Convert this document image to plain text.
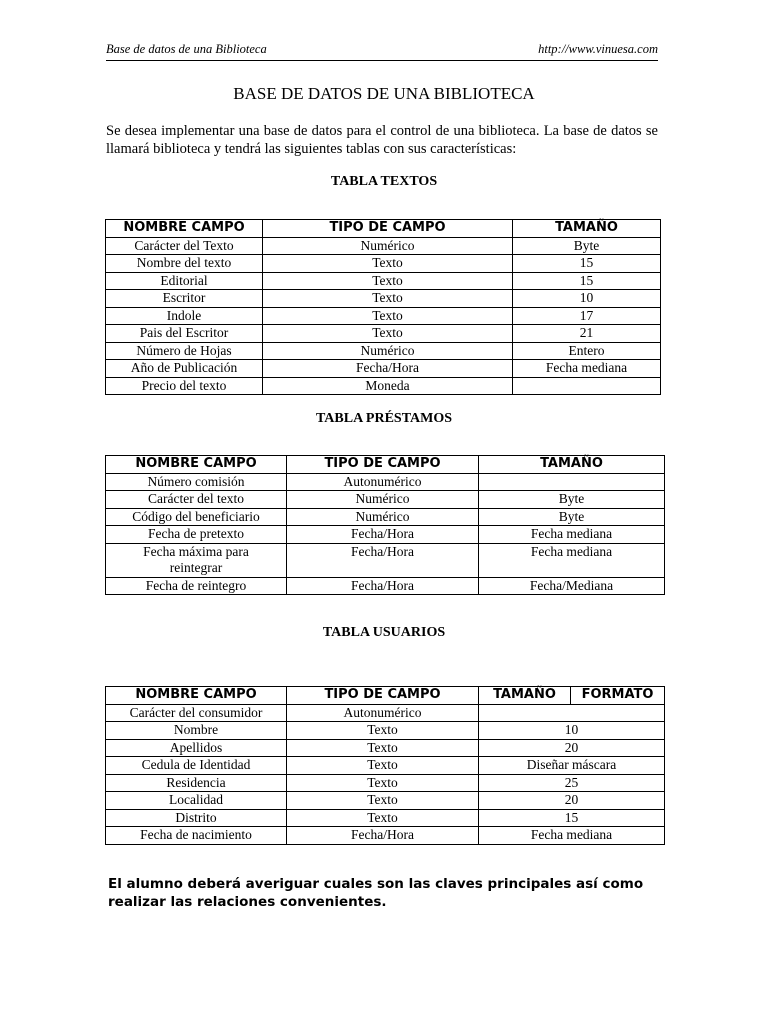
Base de datos de una Biblioteca	http://www.vinuesa.com
BASE DE DATOS DE UNA BIBLIOTECA
Se desea implementar una base de datos para el control de una biblioteca. La base de datos se llamará biblioteca y tendrá las siguientes tablas con sus características:
TABLA TEXTOS
NOMBRE CAMPO	TIPO DE CAMPO	TAMAÑO
Carácter del Texto	Numérico	Byte
Nombre del texto	Texto	15
Editorial	Texto	15
Escritor	Texto	10
Indole	Texto	17
Pais del Escritor	Texto	21
Número de Hojas	Numérico	Entero
Año de Publicación	Fecha/Hora	Fecha mediana
Precio del texto	Moneda	
TABLA PRÉSTAMOS
NOMBRE CAMPO	TIPO DE CAMPO	TAMAÑO
Número comisión	Autonumérico	
Carácter del texto	Numérico	Byte
Código del beneficiario	Numérico	Byte
Fecha de pretexto	Fecha/Hora	Fecha mediana
Fecha máxima para reintegrar	Fecha/Hora	Fecha mediana
Fecha de reintegro	Fecha/Hora	Fecha/Mediana
TABLA USUARIOS
NOMBRE CAMPO	TIPO DE CAMPO	TAMAÑO	FORMATO
Carácter del consumidor	Autonumérico		
Nombre	Texto	10	
Apellidos	Texto	20	
Cedula de Identidad	Texto	Diseñar máscara	
Residencia	Texto	25	
Localidad	Texto	20	
Distrito	Texto	15	
Fecha de nacimiento	Fecha/Hora	Fecha mediana	
El alumno deberá averiguar cuales son las claves principales así como realizar las relaciones convenientes.
